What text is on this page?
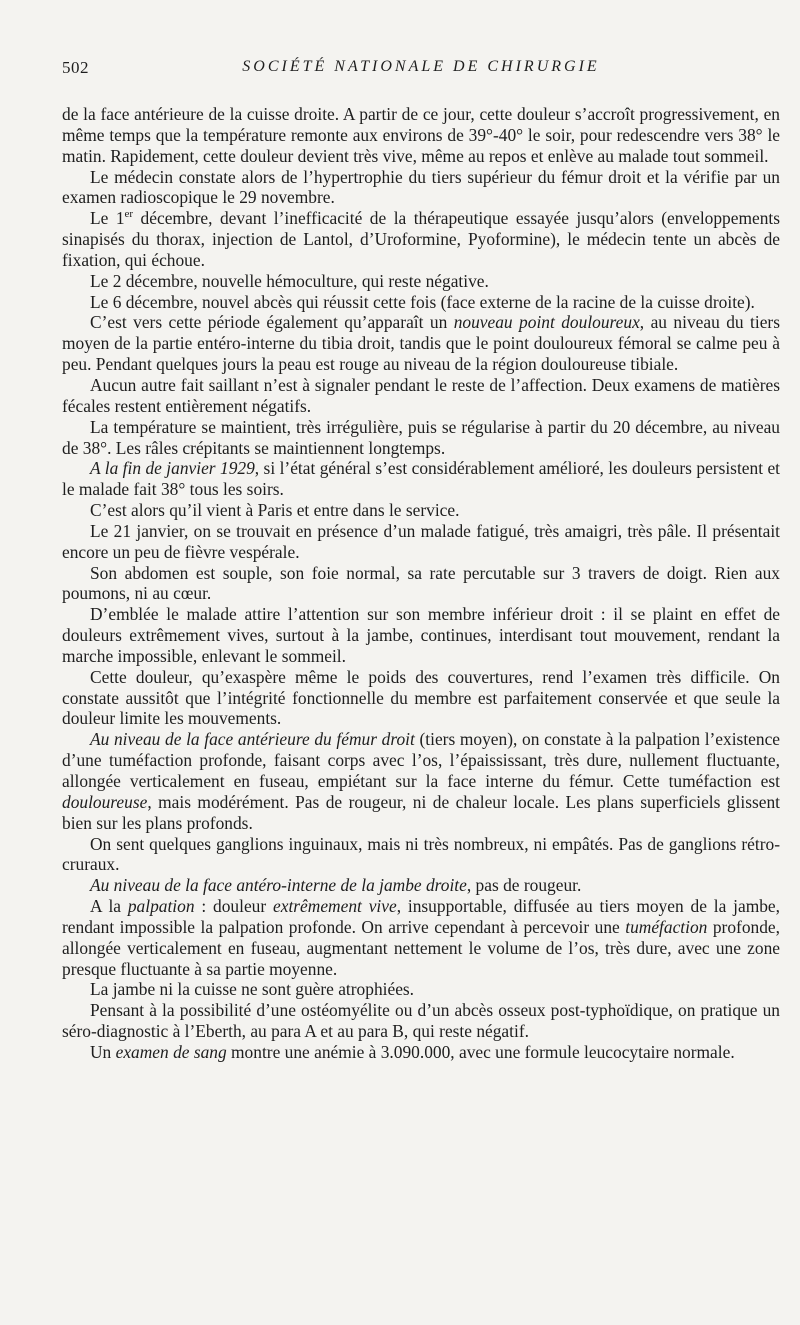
502	SOCIÉTÉ NATIONALE DE CHIRURGIE

de la face antérieure de la cuisse droite. A partir de ce jour, cette douleur s’accroît progressivement, en même temps que la température remonte aux environs de 39°-40° le soir, pour redescendre vers 38° le matin. Rapidement, cette douleur devient très vive, même au repos et enlève au malade tout sommeil.

Le médecin constate alors de l’hypertrophie du tiers supérieur du fémur droit et la vérifie par un examen radioscopique le 29 novembre.

Le 1er décembre, devant l’inefficacité de la thérapeutique essayée jusqu’alors (enveloppements sinapisés du thorax, injection de Lantol, d’Uroformine, Pyoformine), le médecin tente un abcès de fixation, qui échoue.

Le 2 décembre, nouvelle hémoculture, qui reste négative.

Le 6 décembre, nouvel abcès qui réussit cette fois (face externe de la racine de la cuisse droite).

C’est vers cette période également qu’apparaît un nouveau point douloureux, au niveau du tiers moyen de la partie entéro-interne du tibia droit, tandis que le point douloureux fémoral se calme peu à peu. Pendant quelques jours la peau est rouge au niveau de la région douloureuse tibiale.

Aucun autre fait saillant n’est à signaler pendant le reste de l’affection. Deux examens de matières fécales restent entièrement négatifs.

La température se maintient, très irrégulière, puis se régularise à partir du 20 décembre, au niveau de 38°. Les râles crépitants se maintiennent longtemps.

A la fin de janvier 1929, si l’état général s’est considérablement amélioré, les douleurs persistent et le malade fait 38° tous les soirs.

C’est alors qu’il vient à Paris et entre dans le service.

Le 21 janvier, on se trouvait en présence d’un malade fatigué, très amaigri, très pâle. Il présentait encore un peu de fièvre vespérale.

Son abdomen est souple, son foie normal, sa rate percutable sur 3 travers de doigt. Rien aux poumons, ni au cœur.

D’emblée le malade attire l’attention sur son membre inférieur droit : il se plaint en effet de douleurs extrêmement vives, surtout à la jambe, continues, interdisant tout mouvement, rendant la marche impossible, enlevant le sommeil.

Cette douleur, qu’exaspère même le poids des couvertures, rend l’examen très difficile. On constate aussitôt que l’intégrité fonctionnelle du membre est parfaitement conservée et que seule la douleur limite les mouvements.

Au niveau de la face antérieure du fémur droit (tiers moyen), on constate à la palpation l’existence d’une tuméfaction profonde, faisant corps avec l’os, l’épaississant, très dure, nullement fluctuante, allongée verticalement en fuseau, empiétant sur la face interne du fémur. Cette tuméfaction est douloureuse, mais modérément. Pas de rougeur, ni de chaleur locale. Les plans superficiels glissent bien sur les plans profonds.

On sent quelques ganglions inguinaux, mais ni très nombreux, ni empâtés. Pas de ganglions rétro-cruraux.

Au niveau de la face antéro-interne de la jambe droite, pas de rougeur.

A la palpation : douleur extrêmement vive, insupportable, diffusée au tiers moyen de la jambe, rendant impossible la palpation profonde. On arrive cependant à percevoir une tuméfaction profonde, allongée verticalement en fuseau, augmentant nettement le volume de l’os, très dure, avec une zone presque fluctuante à sa partie moyenne.

La jambe ni la cuisse ne sont guère atrophiées.

Pensant à la possibilité d’une ostéomyélite ou d’un abcès osseux post-typhoïdique, on pratique un séro-diagnostic à l’Eberth, au para A et au para B, qui reste négatif.

Un examen de sang montre une anémie à 3.090.000, avec une formule leucocytaire normale.
